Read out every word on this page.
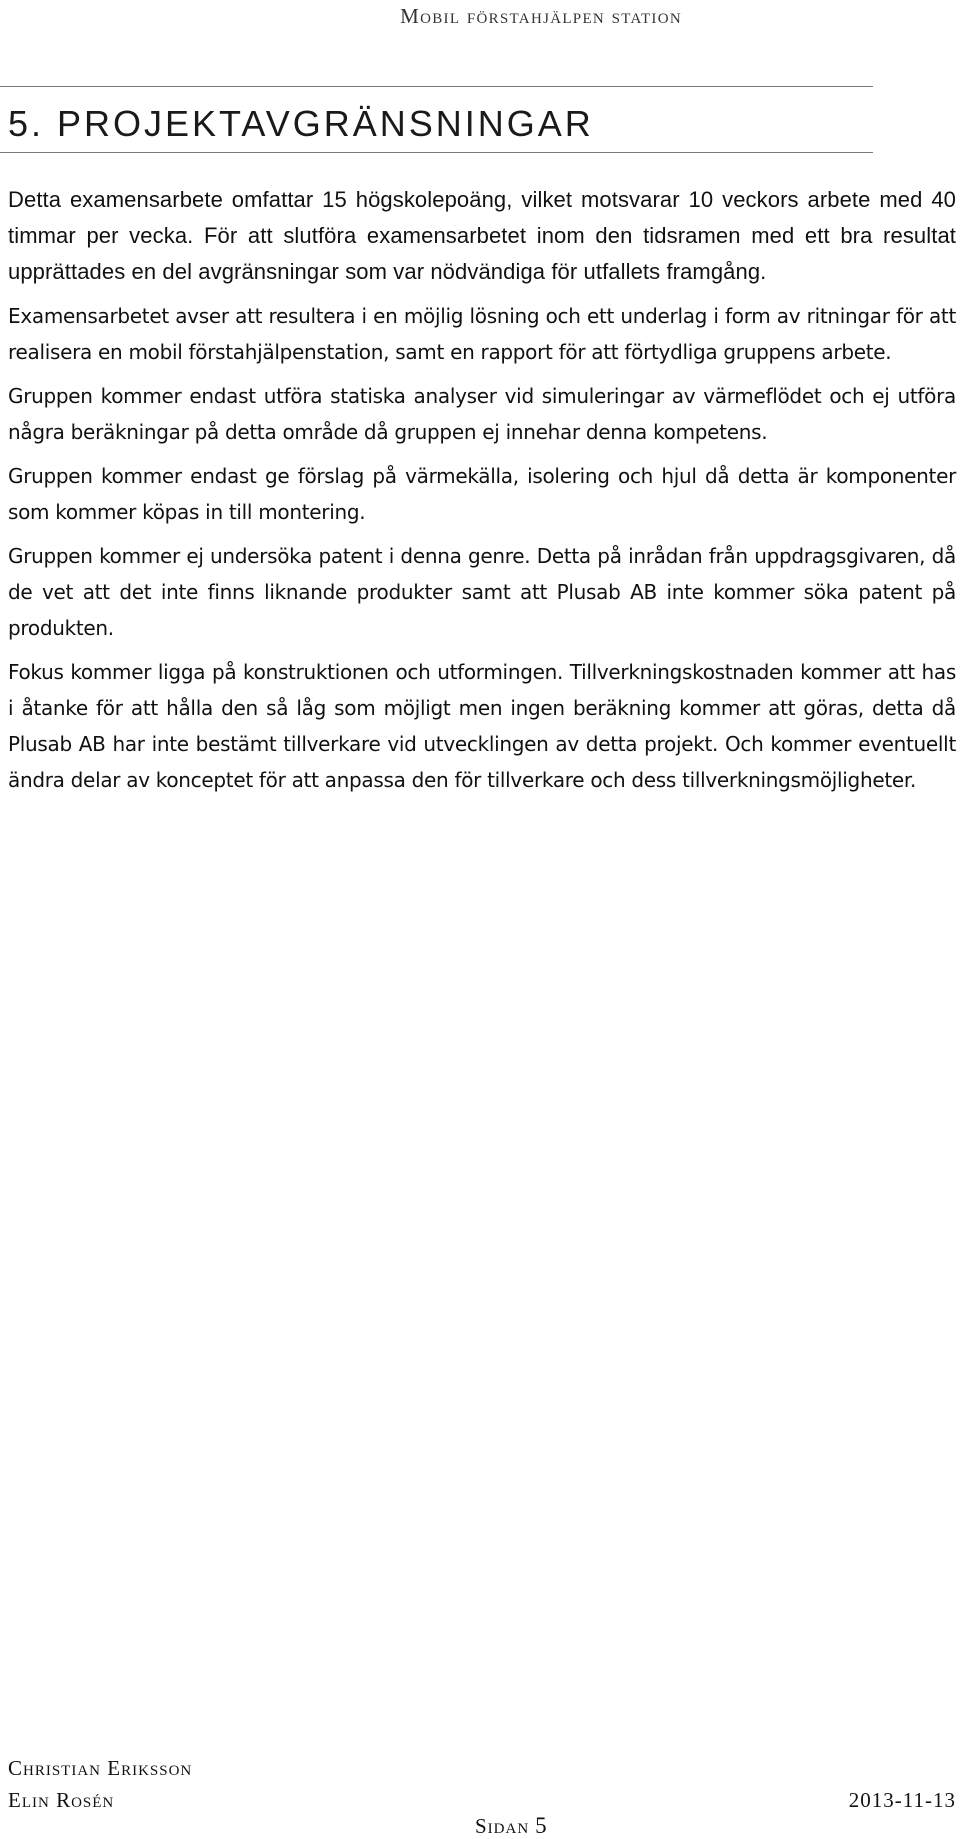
Mobil förstahjälpen station
5. PROJEKTAVGRÄNSNINGAR

Detta examensarbete omfattar 15 högskolepoäng, vilket motsvarar 10 veckors arbete med 40 timmar per vecka. För att slutföra examensarbetet inom den tidsramen med ett bra resultat upprättades en del avgränsningar som var nödvändiga för utfallets framgång.

Examensarbetet avser att resultera i en möjlig lösning och ett underlag i form av ritningar för att realisera en mobil förstahjälpenstation, samt en rapport för att förtydliga gruppens arbete.

Gruppen kommer endast utföra statiska analyser vid simuleringar av värmeflödet och ej utföra några beräkningar på detta område då gruppen ej innehar denna kompetens.

Gruppen kommer endast ge förslag på värmekälla, isolering och hjul då detta är komponenter som kommer köpas in till montering.

Gruppen kommer ej undersöka patent i denna genre. Detta på inrådan från uppdragsgivaren, då de vet att det inte finns liknande produkter samt att Plusab AB inte kommer söka patent på produkten.

Fokus kommer ligga på konstruktionen och utformingen. Tillverkningskostnaden kommer att has i åtanke för att hålla den så låg som möjligt men ingen beräkning kommer att göras, detta då Plusab AB har inte bestämt tillverkare vid utvecklingen av detta projekt. Och kommer eventuellt ändra delar av konceptet för att anpassa den för tillverkare och dess tillverkningsmöjligheter.

Christian Eriksson
Elin Rosén	2013-11-13
Sidan 5
